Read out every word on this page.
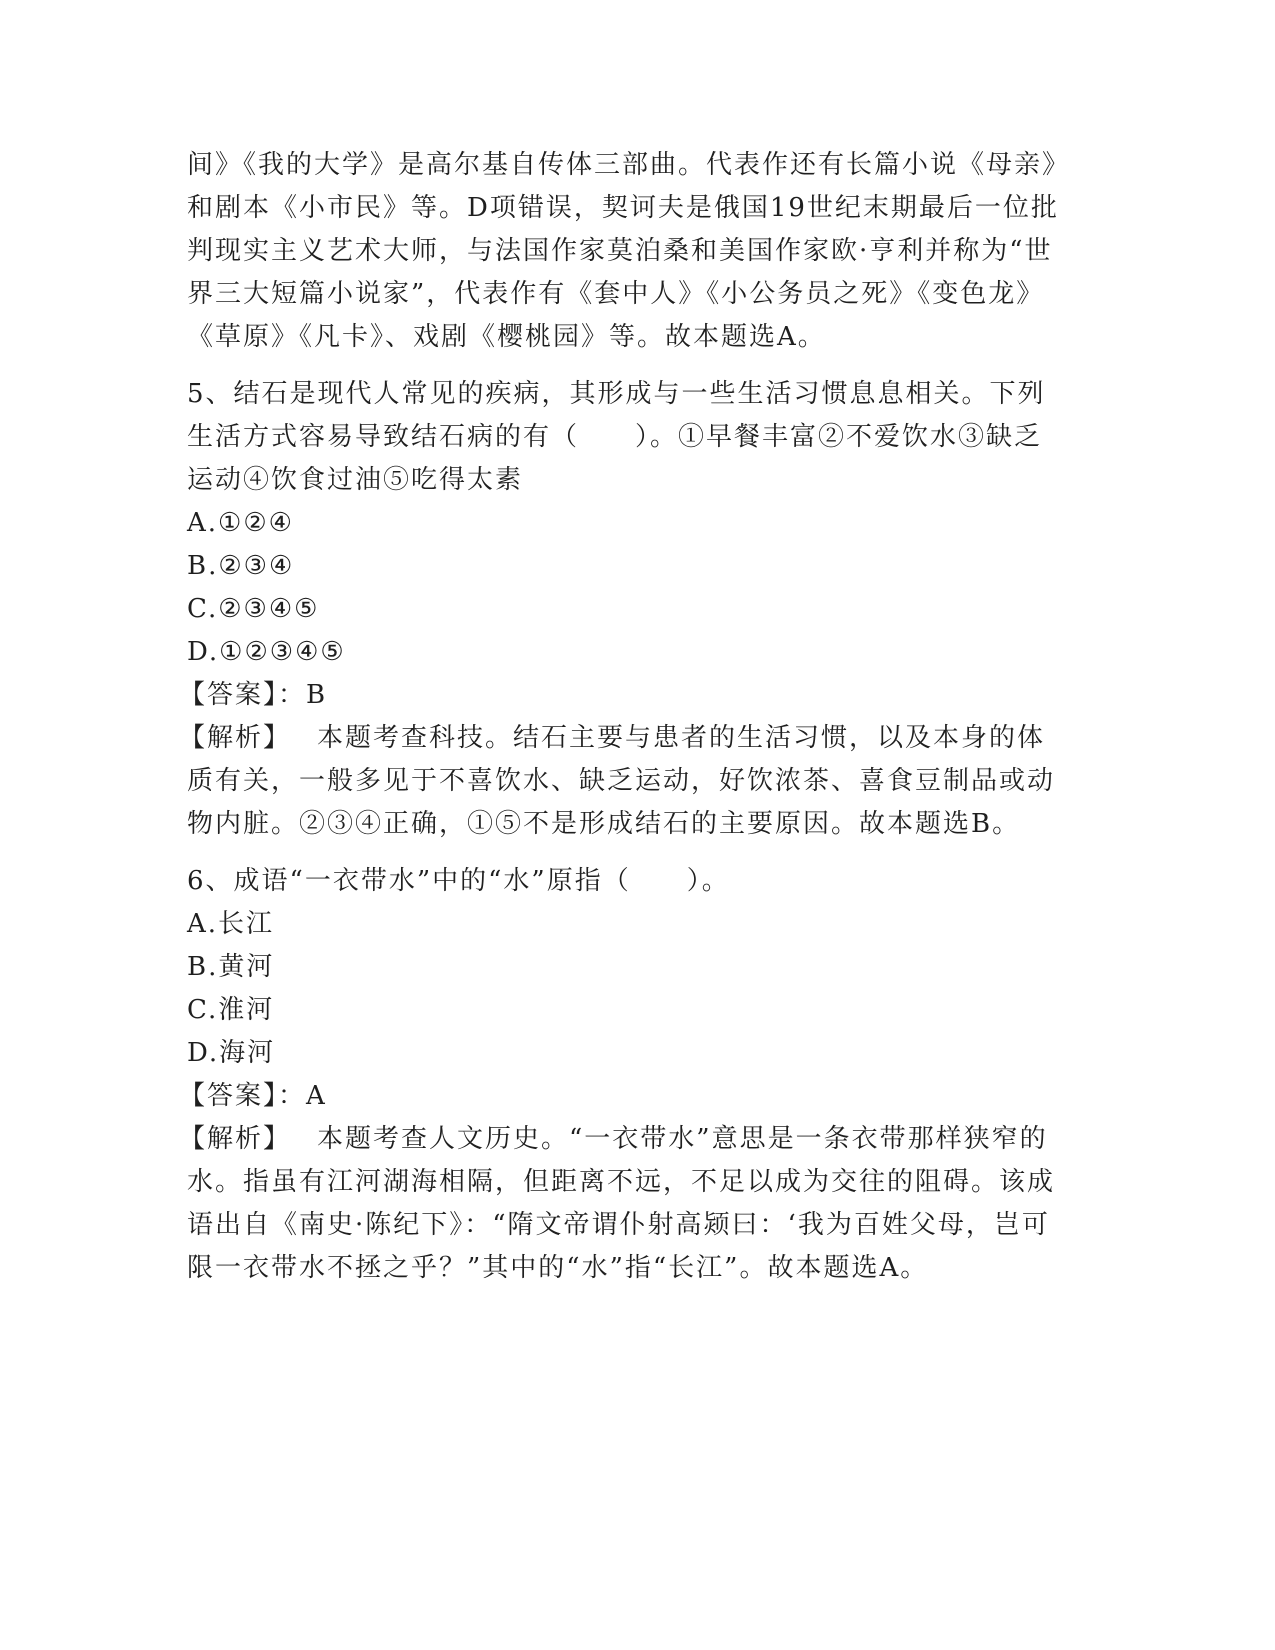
间》《我的大学》是高尔基自传体三部曲。代表作还有长篇小说《母亲》和剧本《小市民》等。D项错误，契诃夫是俄国19世纪末期最后一位批判现实主义艺术大师，与法国作家莫泊桑和美国作家欧·亨利并称为“世界三大短篇小说家”，代表作有《套中人》《小公务员之死》《变色龙》《草原》《凡卡》、戏剧《樱桃园》等。故本题选A。

5、结石是现代人常见的疾病，其形成与一些生活习惯息息相关。下列生活方式容易导致结石病的有（　　）。①早餐丰富②不爱饮水③缺乏运动④饮食过油⑤吃得太素

A.①②④

B.②③④

C.②③④⑤

D.①②③④⑤

【答案】：B

【解析】 本题考查科技。结石主要与患者的生活习惯，以及本身的体质有关，一般多见于不喜饮水、缺乏运动，好饮浓茶、喜食豆制品或动物内脏。②③④正确，①⑤不是形成结石的主要原因。故本题选B。

6、成语“一衣带水”中的“水”原指（　　）。

A.长江

B.黄河

C.淮河

D.海河

【答案】：A

【解析】 本题考查人文历史。“一衣带水”意思是一条衣带那样狭窄的水。指虽有江河湖海相隔，但距离不远，不足以成为交往的阻碍。该成语出自《南史·陈纪下》：“隋文帝谓仆射高颎曰：‘我为百姓父母，岂可限一衣带水不拯之乎？”其中的“水”指“长江”。故本题选A。
